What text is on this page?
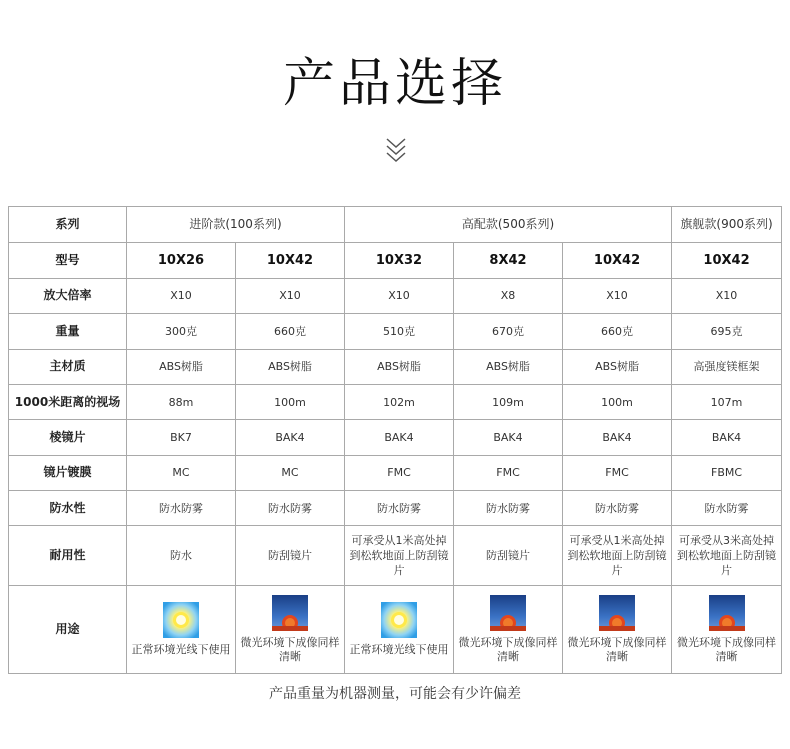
产品选择
系列	进阶款(100系列)		高配款(500系列)			旗舰款(900系列)
型号	10X26	10X42	10X32	8X42	10X42	10X42
放大倍率	X10	X10	X10	X8	X10	X10
重量	300克	660克	510克	670克	660克	695克
主材质	ABS树脂	ABS树脂	ABS树脂	ABS树脂	ABS树脂	高强度镁框架
1000米距离的视场	88m	100m	102m	109m	100m	107m
棱镜片	BK7	BAK4	BAK4	BAK4	BAK4	BAK4
镜片镀膜	MC	MC	FMC	FMC	FMC	FBMC
防水性	防水防雾	防水防雾	防水防雾	防水防雾	防水防雾	防水防雾
耐用性	防水	防刮镜片	可承受从1米高处掉到松软地面上防刮镜片	防刮镜片	可承受从1米高处掉到松软地面上防刮镜片	可承受从3米高处掉到松软地面上防刮镜片
用途	正常环境光线下使用	微光环境下成像同样清晰	正常环境光线下使用	微光环境下成像同样清晰	微光环境下成像同样清晰	微光环境下成像同样清晰
产品重量为机器测量，可能会有少许偏差
